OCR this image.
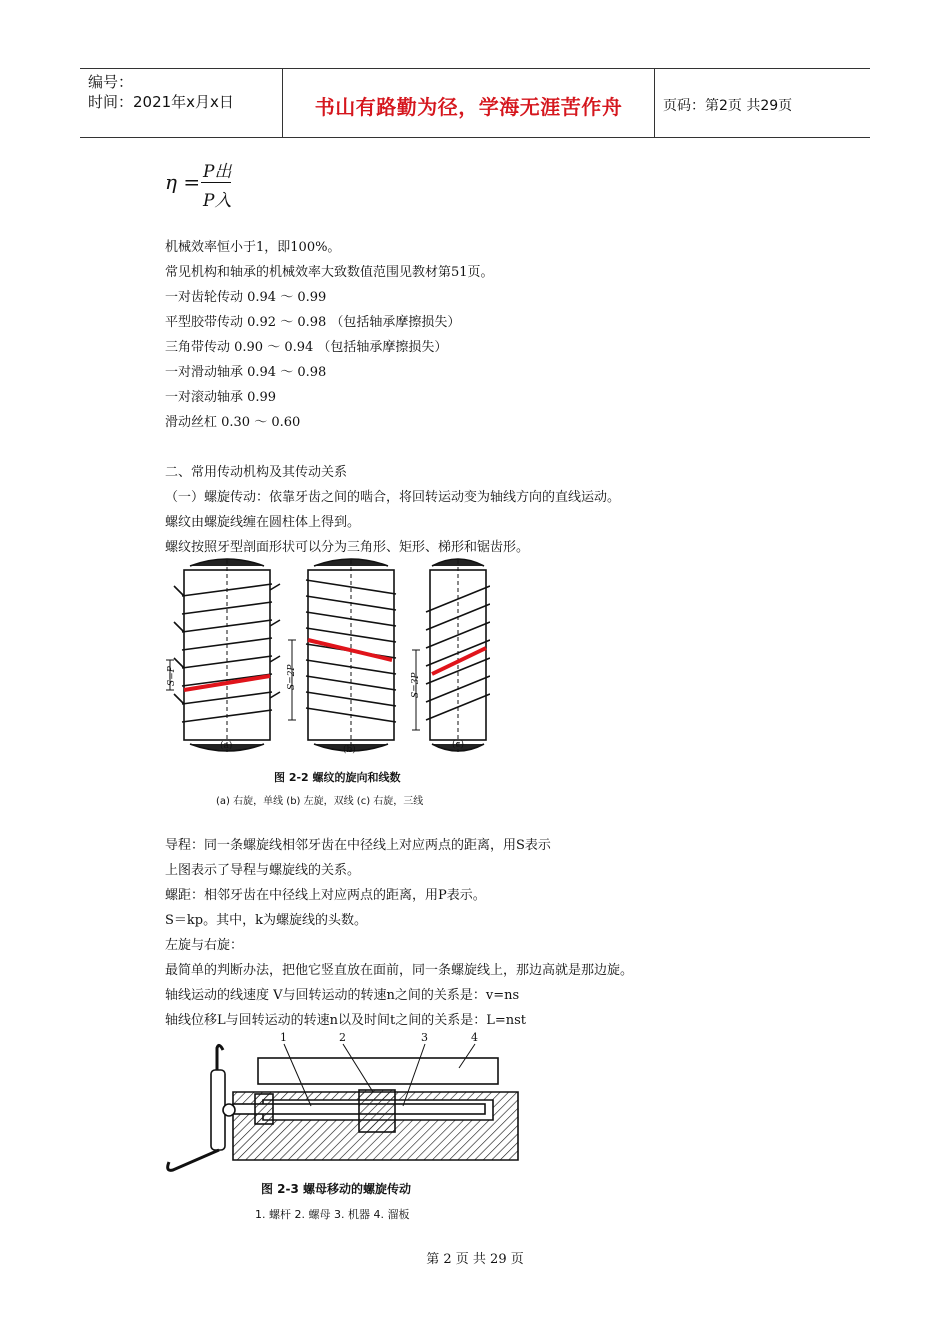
编号：
时间：2021年x月x日	书山有路勤为径，学海无涯苦作舟	页码：第2页 共29页
η = P出
P入
机械效率恒小于1，即100%。
常见机构和轴承的机械效率大致数值范围见教材第51页。
一对齿轮传动 0.94 ～ 0.99
平型胶带传动 0.92 ～ 0.98 （包括轴承摩擦损失）
三角带传动 0.90 ～ 0.94 （包括轴承摩擦损失）
一对滑动轴承 0.94 ～ 0.98
一对滚动轴承 0.99
滑动丝杠 0.30 ～ 0.60
二、常用传动机构及其传动关系
（一）螺旋传动：依靠牙齿之间的啮合，将回转运动变为轴线方向的直线运动。
螺纹由螺旋线缠在圆柱体上得到。
螺纹按照牙型剖面形状可以分为三角形、矩形、梯形和锯齿形。
S=P	S=2P	S=3P
(a)	(b)	(c)
图 2-2 螺纹的旋向和线数
(a) 右旋，单线 (b) 左旋，双线 (c) 右旋，三线
导程：同一条螺旋线相邻牙齿在中径线上对应两点的距离，用S表示
上图表示了导程与螺旋线的关系。
螺距：相邻牙齿在中径线上对应两点的距离，用P表示。
S＝kp。其中，k为螺旋线的头数。
左旋与右旋：
最简单的判断办法，把他它竖直放在面前，同一条螺旋线上，那边高就是那边旋。
轴线运动的线速度 V与回转运动的转速n之间的关系是：v=ns
轴线位移L与回转运动的转速n以及时间t之间的关系是：L=nst
1	2	3	4
图 2-3 螺母移动的螺旋传动
1. 螺杆 2. 螺母 3. 机器 4. 溜板
第 2 页 共 29 页
